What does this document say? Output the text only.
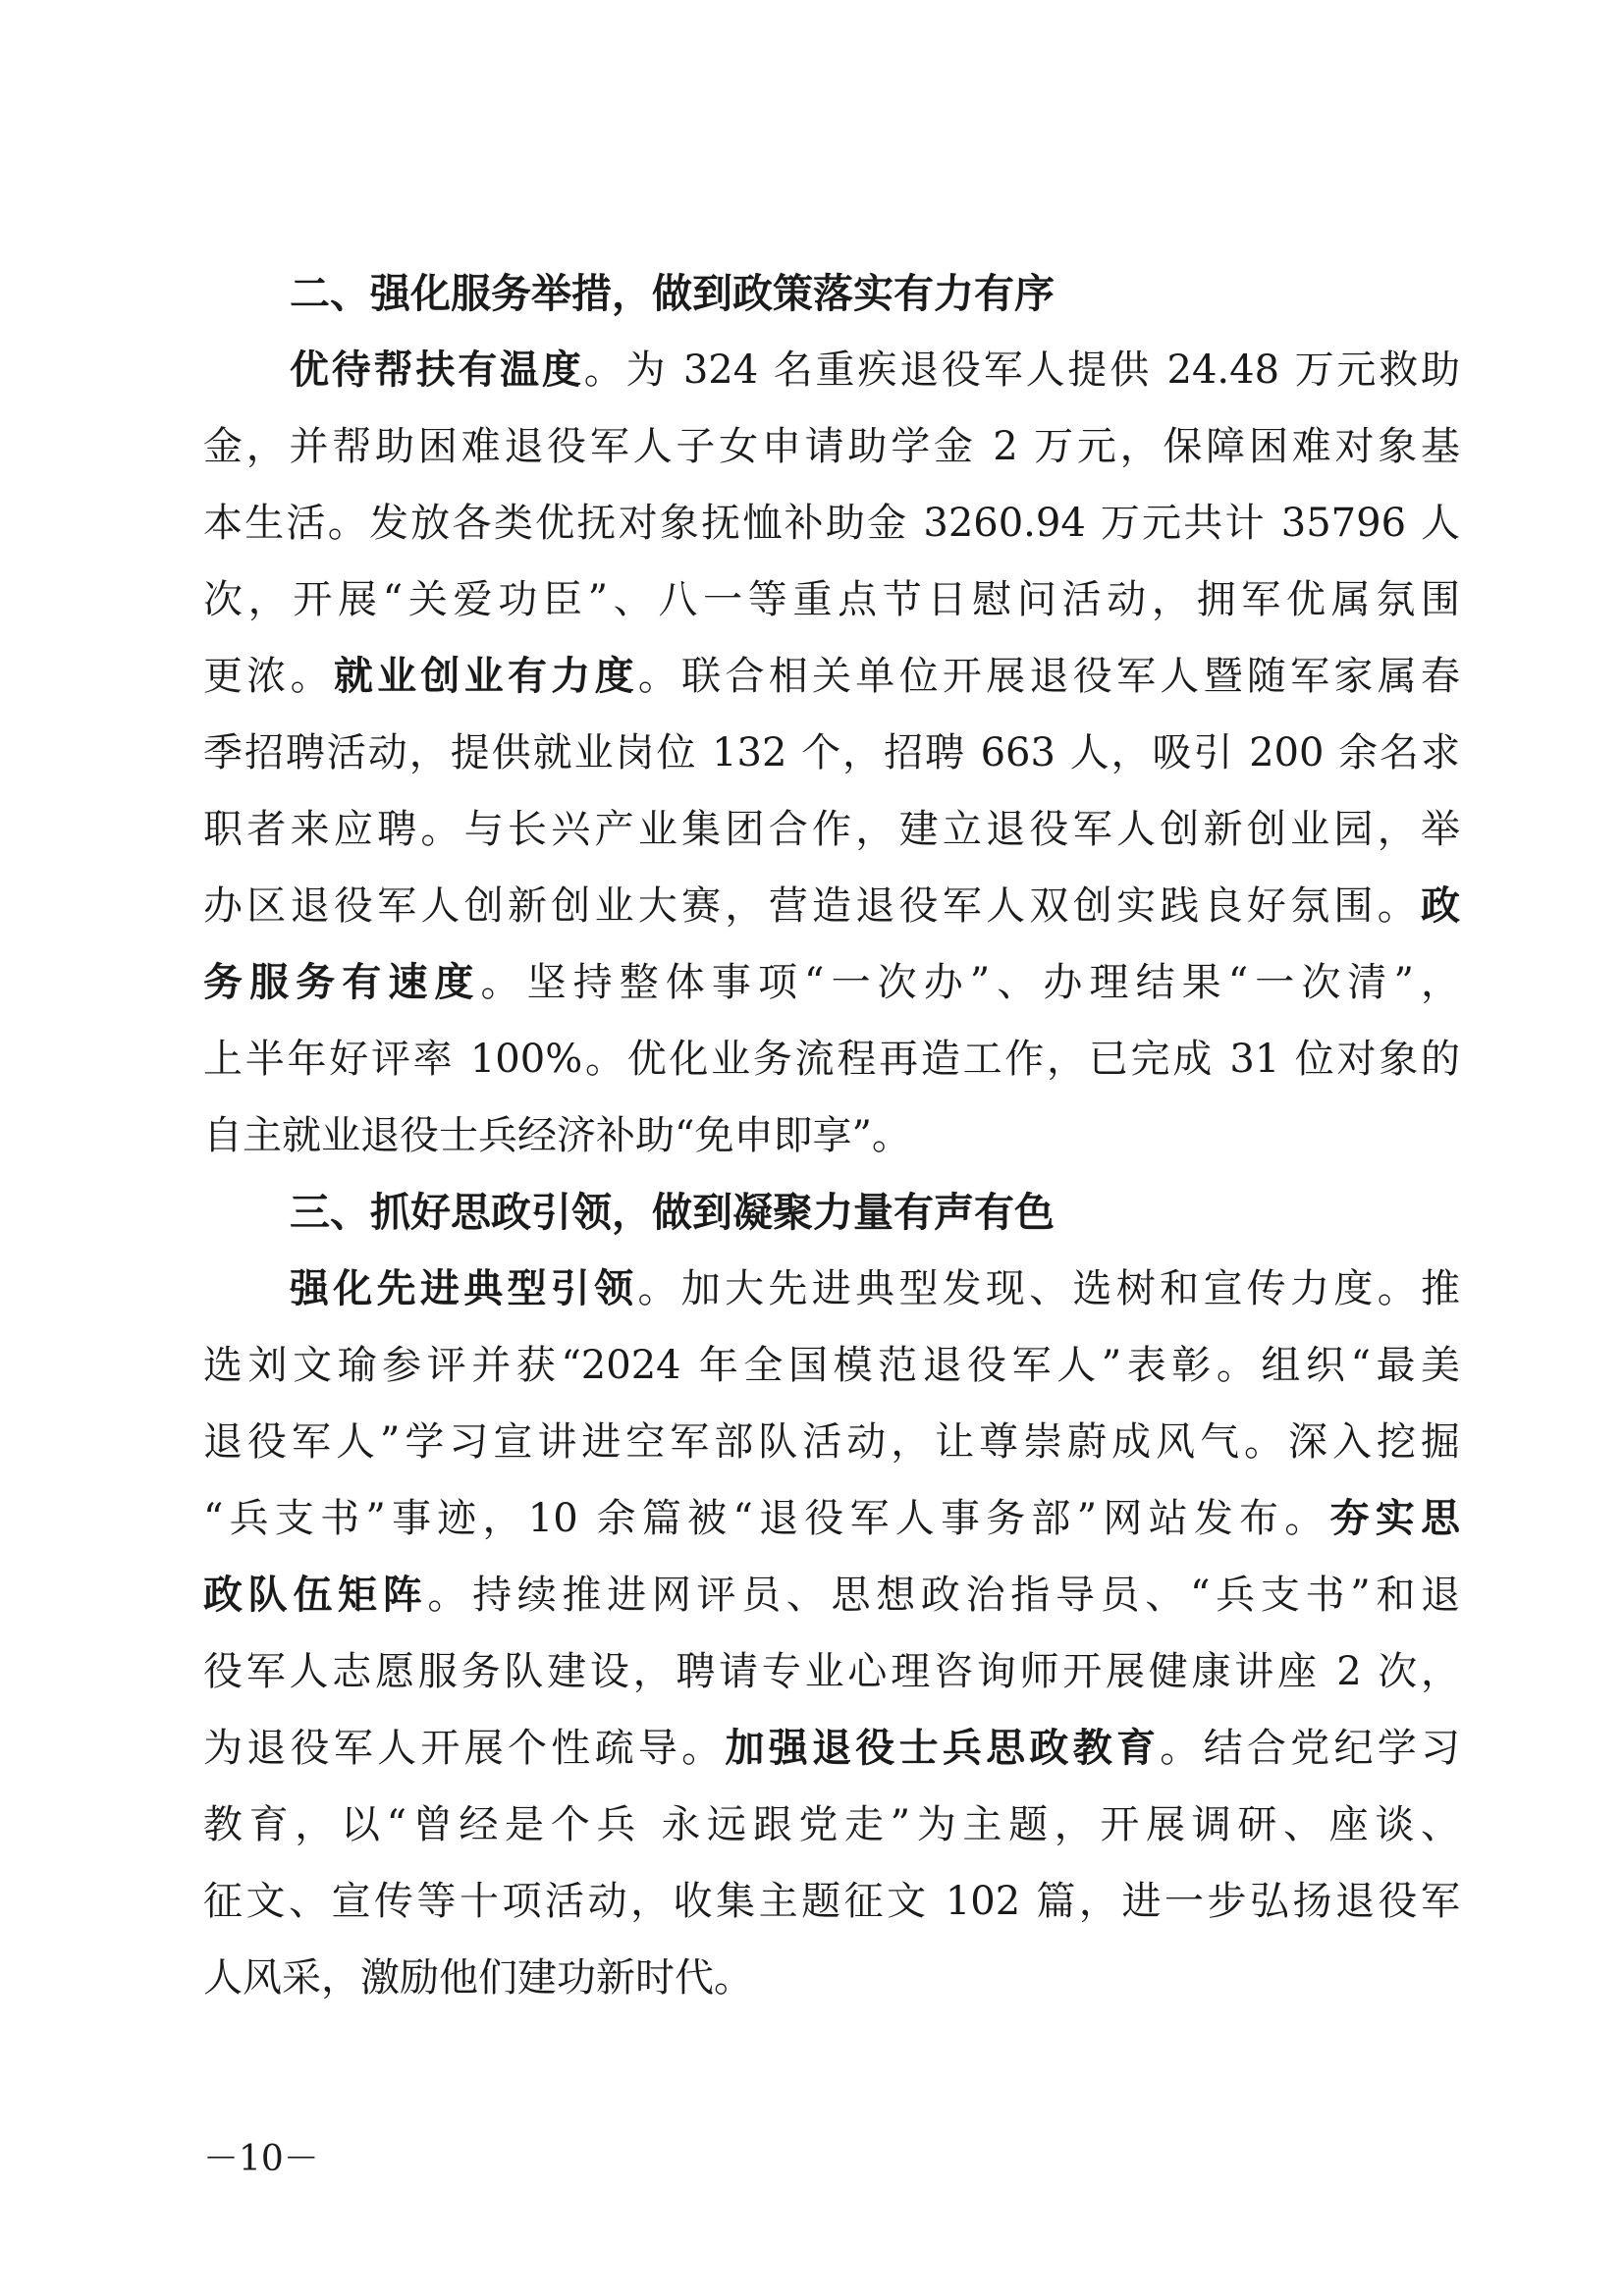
二、强化服务举措，做到政策落实有力有序
优待帮扶有温度。为 324 名重疾退役军人提供 24.48 万元救助
金，并帮助困难退役军人子女申请助学金 2 万元，保障困难对象基
本生活。发放各类优抚对象抚恤补助金 3260.94 万元共计 35796 人
次，开展“关爱功臣”、八一等重点节日慰问活动，拥军优属氛围
更浓。就业创业有力度。联合相关单位开展退役军人暨随军家属春
季招聘活动，提供就业岗位 132 个，招聘 663 人，吸引 200 余名求
职者来应聘。与长兴产业集团合作，建立退役军人创新创业园，举
办区退役军人创新创业大赛，营造退役军人双创实践良好氛围。政
务服务有速度。坚持整体事项“一次办”、办理结果“一次清”，
上半年好评率 100%。优化业务流程再造工作，已完成 31 位对象的
自主就业退役士兵经济补助“免申即享”。
三、抓好思政引领，做到凝聚力量有声有色
强化先进典型引领。加大先进典型发现、选树和宣传力度。推
选刘文瑜参评并获“2024 年全国模范退役军人”表彰。组织“最美
退役军人”学习宣讲进空军部队活动，让尊崇蔚成风气。深入挖掘
“兵支书”事迹，10 余篇被“退役军人事务部”网站发布。夯实思
政队伍矩阵。持续推进网评员、思想政治指导员、“兵支书”和退
役军人志愿服务队建设，聘请专业心理咨询师开展健康讲座 2 次，
为退役军人开展个性疏导。加强退役士兵思政教育。结合党纪学习
教育，以“曾经是个兵 永远跟党走”为主题，开展调研、座谈、
征文、宣传等十项活动，收集主题征文 102 篇，进一步弘扬退役军
人风采，激励他们建功新时代。
－10－
